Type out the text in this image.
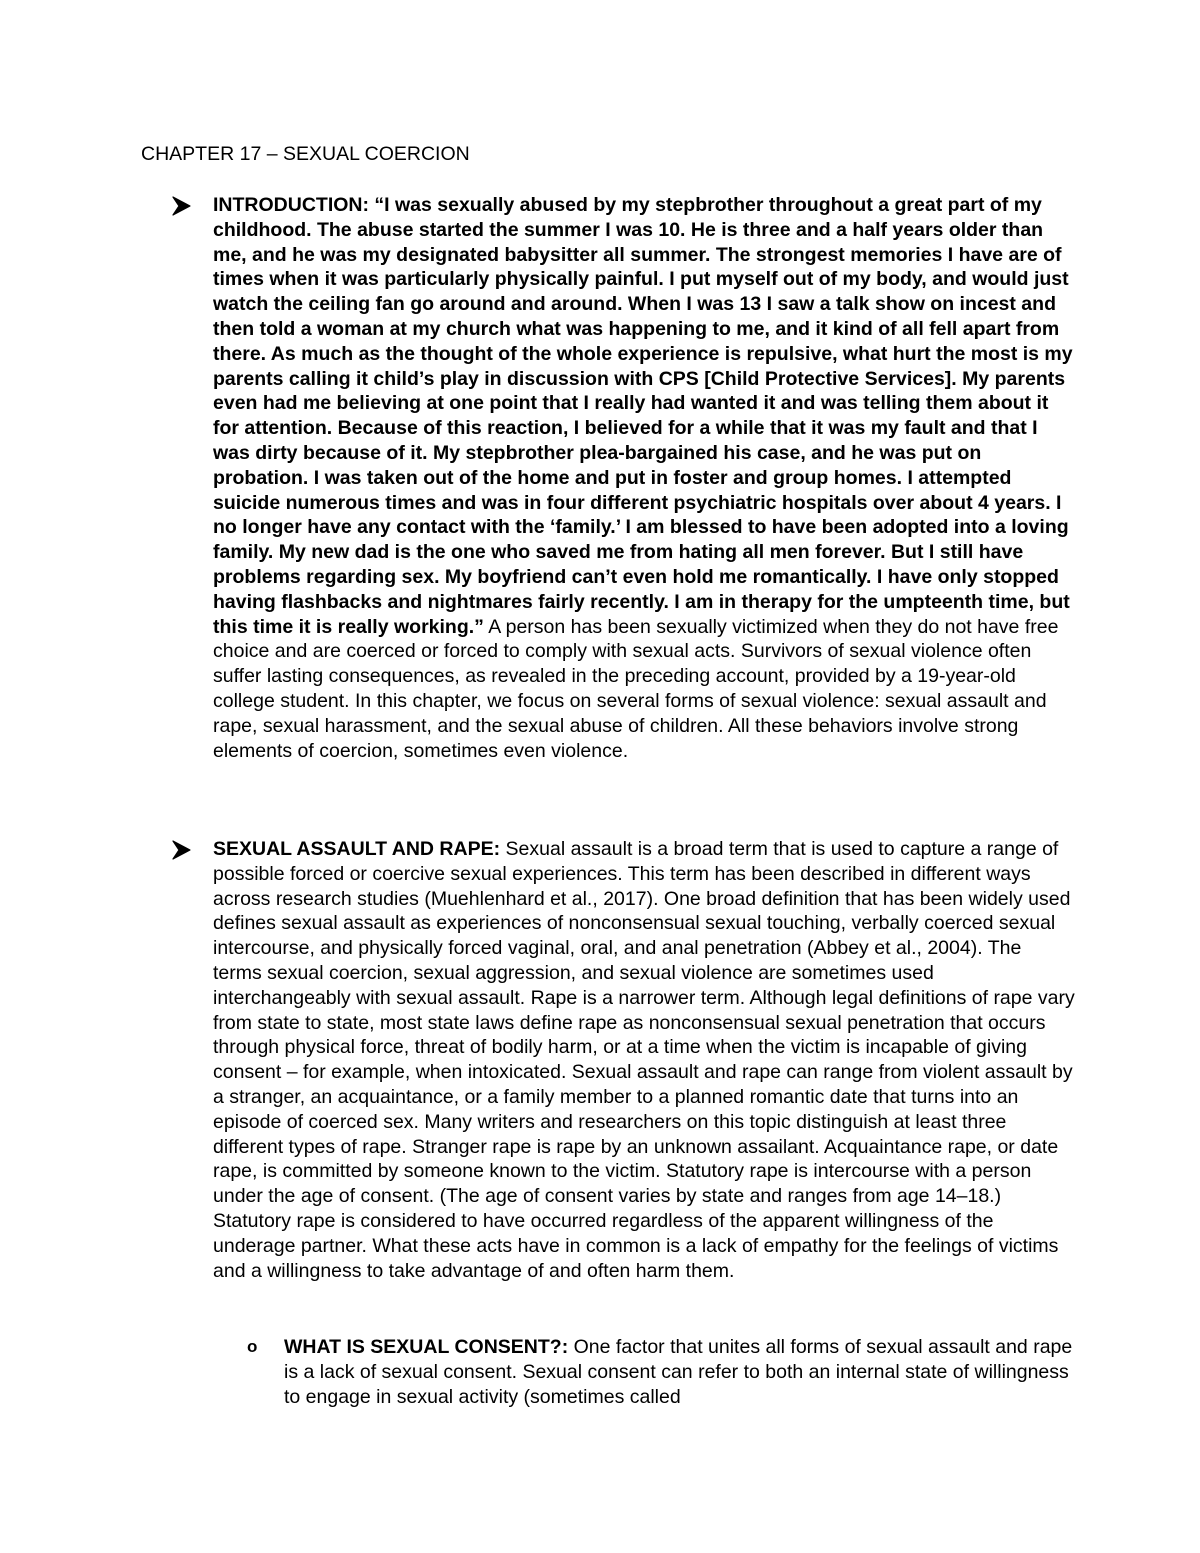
CHAPTER 17 – SEXUAL COERCION
INTRODUCTION: “I was sexually abused by my stepbrother throughout a great part of my childhood. The abuse started the summer I was 10. He is three and a half years older than me, and he was my designated babysitter all summer. The strongest memories I have are of times when it was particularly physically painful. I put myself out of my body, and would just watch the ceiling fan go around and around. When I was 13 I saw a talk show on incest and then told a woman at my church what was happening to me, and it kind of all fell apart from there. As much as the thought of the whole experience is repulsive, what hurt the most is my parents calling it child’s play in discussion with CPS [Child Protective Services]. My parents even had me believing at one point that I really had wanted it and was telling them about it for attention. Because of this reaction, I believed for a while that it was my fault and that I was dirty because of it. My stepbrother plea-bargained his case, and he was put on probation. I was taken out of the home and put in foster and group homes. I attempted suicide numerous times and was in four different psychiatric hospitals over about 4 years. I no longer have any contact with the ‘family.’ I am blessed to have been adopted into a loving family. My new dad is the one who saved me from hating all men forever. But I still have problems regarding sex. My boyfriend can’t even hold me romantically. I have only stopped having flashbacks and nightmares fairly recently. I am in therapy for the umpteenth time, but this time it is really working.” A person has been sexually victimized when they do not have free choice and are coerced or forced to comply with sexual acts. Survivors of sexual violence often suffer lasting consequences, as revealed in the preceding account, provided by a 19-year-old college student. In this chapter, we focus on several forms of sexual violence: sexual assault and rape, sexual harassment, and the sexual abuse of children. All these behaviors involve strong elements of coercion, sometimes even violence.
SEXUAL ASSAULT AND RAPE: Sexual assault is a broad term that is used to capture a range of possible forced or coercive sexual experiences. This term has been described in different ways across research studies (Muehlenhard et al., 2017). One broad definition that has been widely used defines sexual assault as experiences of nonconsensual sexual touching, verbally coerced sexual intercourse, and physically forced vaginal, oral, and anal penetration (Abbey et al., 2004). The terms sexual coercion, sexual aggression, and sexual violence are sometimes used interchangeably with sexual assault. Rape is a narrower term. Although legal definitions of rape vary from state to state, most state laws define rape as nonconsensual sexual penetration that occurs through physical force, threat of bodily harm, or at a time when the victim is incapable of giving consent – for example, when intoxicated. Sexual assault and rape can range from violent assault by a stranger, an acquaintance, or a family member to a planned romantic date that turns into an episode of coerced sex. Many writers and researchers on this topic distinguish at least three different types of rape. Stranger rape is rape by an unknown assailant. Acquaintance rape, or date rape, is committed by someone known to the victim. Statutory rape is intercourse with a person under the age of consent. (The age of consent varies by state and ranges from age 14–18.) Statutory rape is considered to have occurred regardless of the apparent willingness of the underage partner. What these acts have in common is a lack of empathy for the feelings of victims and a willingness to take advantage of and often harm them.
o WHAT IS SEXUAL CONSENT?: One factor that unites all forms of sexual assault and rape is a lack of sexual consent. Sexual consent can refer to both an internal state of willingness to engage in sexual activity (sometimes called
